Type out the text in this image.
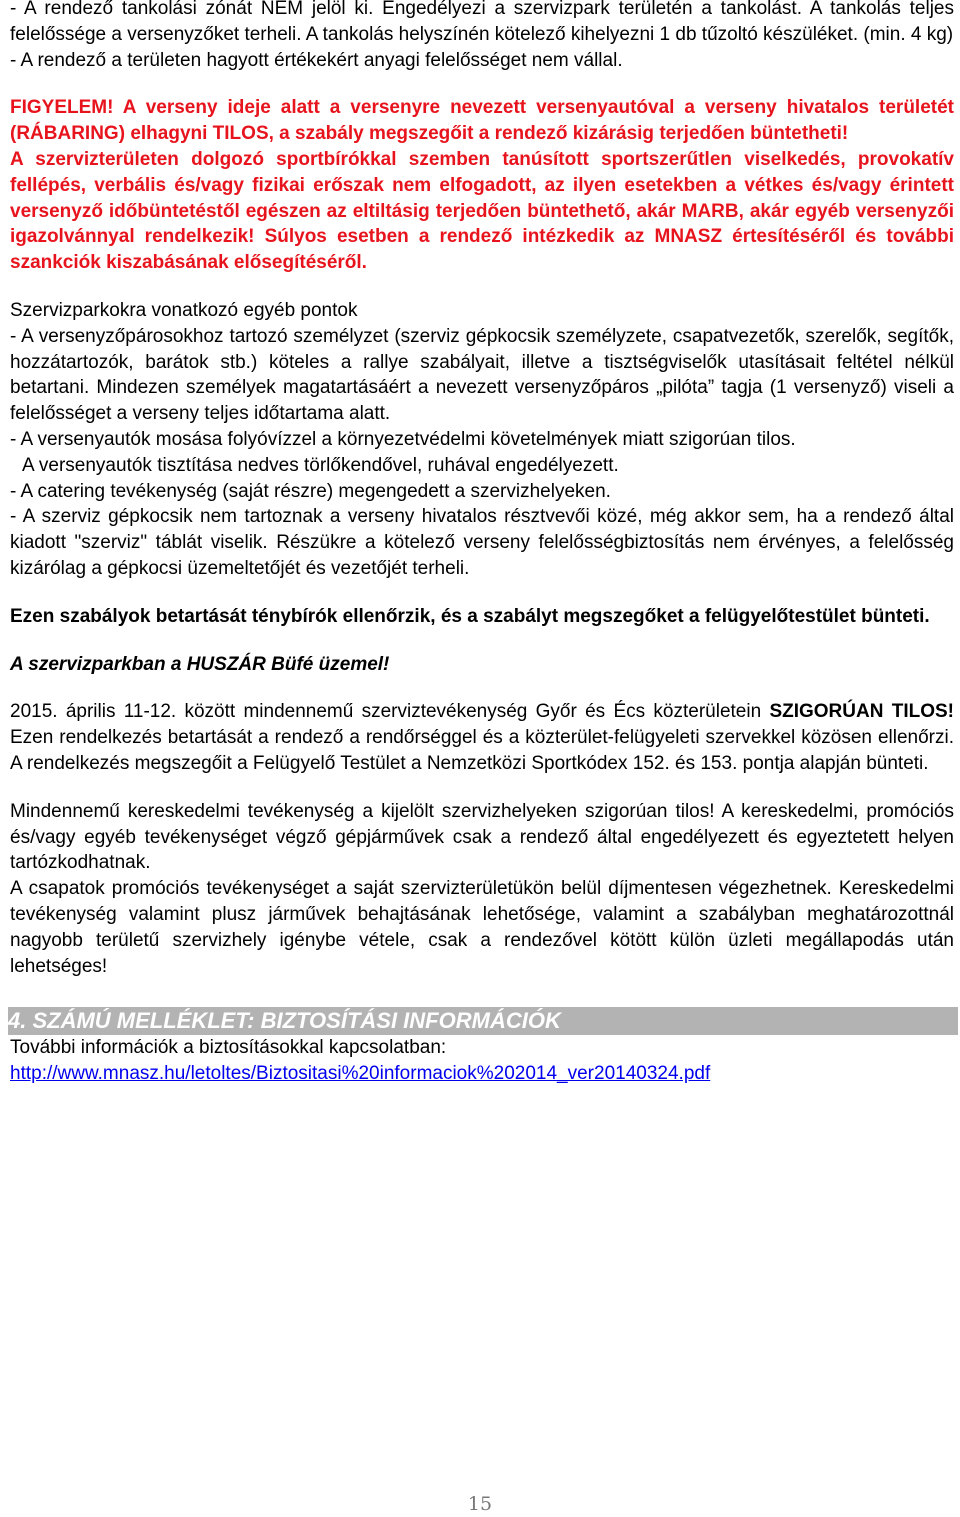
- A rendező tankolási zónát NEM jelöl ki. Engedélyezi a szervizpark területén a tankolást. A tankolás teljes felelőssége a versenyzőket terheli. A tankolás helyszínén kötelező kihelyezni 1 db tűzoltó készüléket. (min. 4 kg)

- A rendező a területen hagyott értékekért anyagi felelősséget nem vállal.

FIGYELEM! A verseny ideje alatt a versenyre nevezett versenyautóval a verseny hivatalos területét (RÁBARING) elhagyni TILOS, a szabály megszegőit a rendező kizárásig terjedően büntetheti!

A szervizterületen dolgozó sportbírókkal szemben tanúsított sportszerűtlen viselkedés, provokatív fellépés, verbális és/vagy fizikai erőszak nem elfogadott, az ilyen esetekben a vétkes és/vagy érintett versenyző időbüntetéstől egészen az eltiltásig terjedően büntethető, akár MARB, akár egyéb versenyzői igazolvánnyal rendelkezik! Súlyos esetben a rendező intézkedik az MNASZ értesítéséről és további szankciók kiszabásának elősegítéséről.

Szervizparkokra vonatkozó egyéb pontok

- A versenyzőpárosokhoz tartozó személyzet (szerviz gépkocsik személyzete, csapatvezetők, szerelők, segítők, hozzátartozók, barátok stb.) köteles a rallye szabályait, illetve a tisztségviselők utasításait feltétel nélkül betartani. Mindezen személyek magatartásáért a nevezett versenyzőpáros „pilóta” tagja (1 versenyző) viseli a felelősséget a verseny teljes időtartama alatt.

- A versenyautók mosása folyóvízzel a környezetvédelmi követelmények miatt szigorúan tilos.

A versenyautók tisztítása nedves törlőkendővel, ruhával engedélyezett.

- A catering tevékenység (saját részre) megengedett a szervizhelyeken.

- A szerviz gépkocsik nem tartoznak a verseny hivatalos résztvevői közé, még akkor sem, ha a rendező által kiadott "szerviz" táblát viselik. Részükre a kötelező verseny felelősségbiztosítás nem érvényes, a felelősség kizárólag a gépkocsi üzemeltetőjét és vezetőjét terheli.

Ezen szabályok betartását ténybírók ellenőrzik, és a szabályt megszegőket a felügyelőtestület bünteti.

A szervizparkban a HUSZÁR Büfé üzemel!

2015. április 11-12. között mindennemű szerviztevékenység Győr és Écs közterületein SZIGORÚAN TILOS! Ezen rendelkezés betartását a rendező a rendőrséggel és a közterület-felügyeleti szervekkel közösen ellenőrzi. A rendelkezés megszegőit a Felügyelő Testület a Nemzetközi Sportkódex 152. és 153. pontja alapján bünteti.

Mindennemű kereskedelmi tevékenység a kijelölt szervizhelyeken szigorúan tilos! A kereskedelmi, promóciós és/vagy egyéb tevékenységet végző gépjárművek csak a rendező által engedélyezett és egyeztetett helyen tartózkodhatnak.

A csapatok promóciós tevékenységet a saját szervizterületükön belül díjmentesen végezhetnek. Kereskedelmi tevékenység valamint plusz járművek behajtásának lehetősége, valamint a szabályban meghatározottnál nagyobb területű szervizhely igénybe vétele, csak a rendezővel kötött külön üzleti megállapodás után lehetséges!

4. SZÁMÚ MELLÉKLET: BIZTOSÍTÁSI INFORMÁCIÓK

További információk a biztosításokkal kapcsolatban:

http://www.mnasz.hu/letoltes/Biztositasi%20informaciok%202014_ver20140324.pdf

15
